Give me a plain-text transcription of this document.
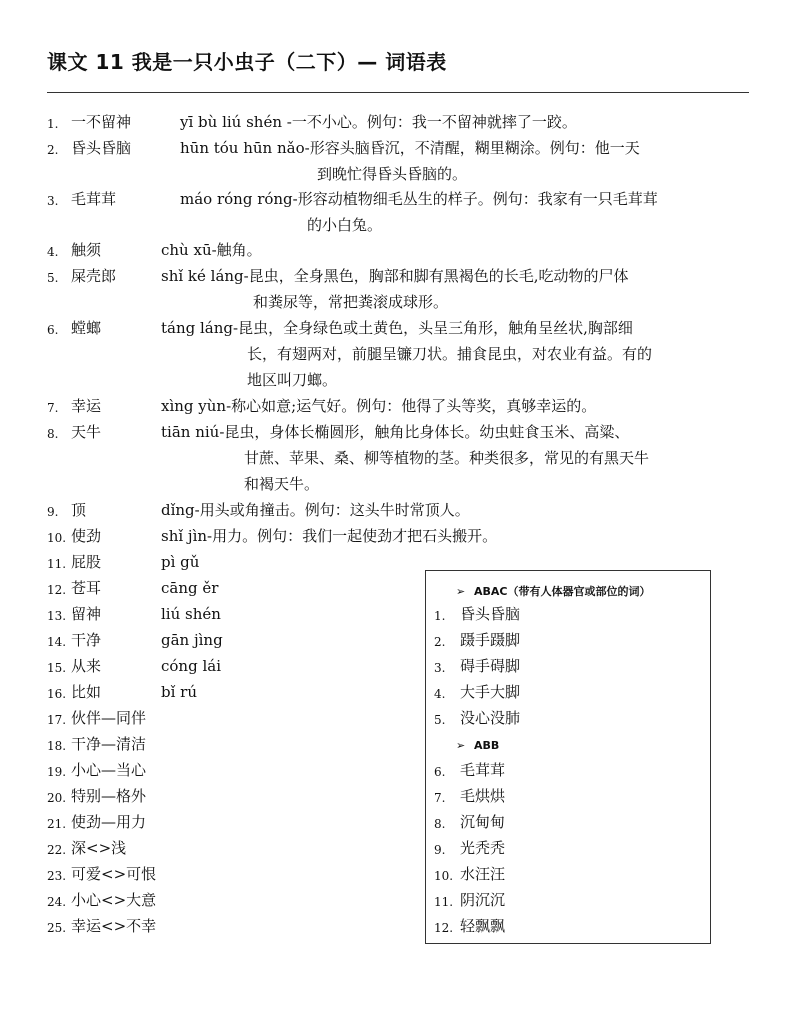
课文 11 我是一只小虫子（二下）— 词语表
1. 一不留神	yī bù liú shén -一不小心。例句：我一不留神就摔了一跤。
2. 昏头昏脑	hūn tóu hūn nǎo-形容头脑昏沉，不清醒，糊里糊涂。例句：他一天
到晚忙得昏头昏脑的。
3. 毛茸茸	máo róng róng-形容动植物细毛丛生的样子。例句：我家有一只毛茸茸
的小白兔。
4. 触须	chù xū-触角。
5. 屎壳郎	shǐ ké láng-昆虫，全身黑色，胸部和脚有黑褐色的长毛,吃动物的尸体
和粪尿等，常把粪滚成球形。
6. 螳螂	táng láng-昆虫，全身绿色或土黄色，头呈三角形，触角呈丝状,胸部细
长，有翅两对，前腿呈镰刀状。捕食昆虫，对农业有益。有的
地区叫刀螂。
7. 幸运	xìng yùn-称心如意;运气好。例句：他得了头等奖，真够幸运的。
8. 天牛	tiān niú-昆虫，身体长椭圆形，触角比身体长。幼虫蛀食玉米、高粱、
甘蔗、苹果、桑、柳等植物的茎。种类很多，常见的有黑天牛
和褐天牛。
9. 顶	dǐng-用头或角撞击。例句：这头牛时常顶人。
10. 使劲	shǐ jìn-用力。例句：我们一起使劲才把石头搬开。
11. 屁股	pì gǔ
12. 苍耳	cāng ěr
13. 留神	liú shén
14. 干净	gān jìng
15. 从来	cóng lái
16. 比如	bǐ rú
17. 伙伴—同伴
18. 干净—清洁
19. 小心—当心
20. 特别—格外
21. 使劲—用力
22. 深<>浅
23. 可爱<>可恨
24. 小心<>大意
25. 幸运<>不幸
➢ ABAC（带有人体器官或部位的词）
➢ ABB
1. 昏头昏脑
2. 蹑手蹑脚
3. 碍手碍脚
4. 大手大脚
5. 没心没肺
6. 毛茸茸
7. 毛烘烘
8. 沉甸甸
9. 光秃秃
10. 水汪汪
11. 阴沉沉
12. 轻飘飘
